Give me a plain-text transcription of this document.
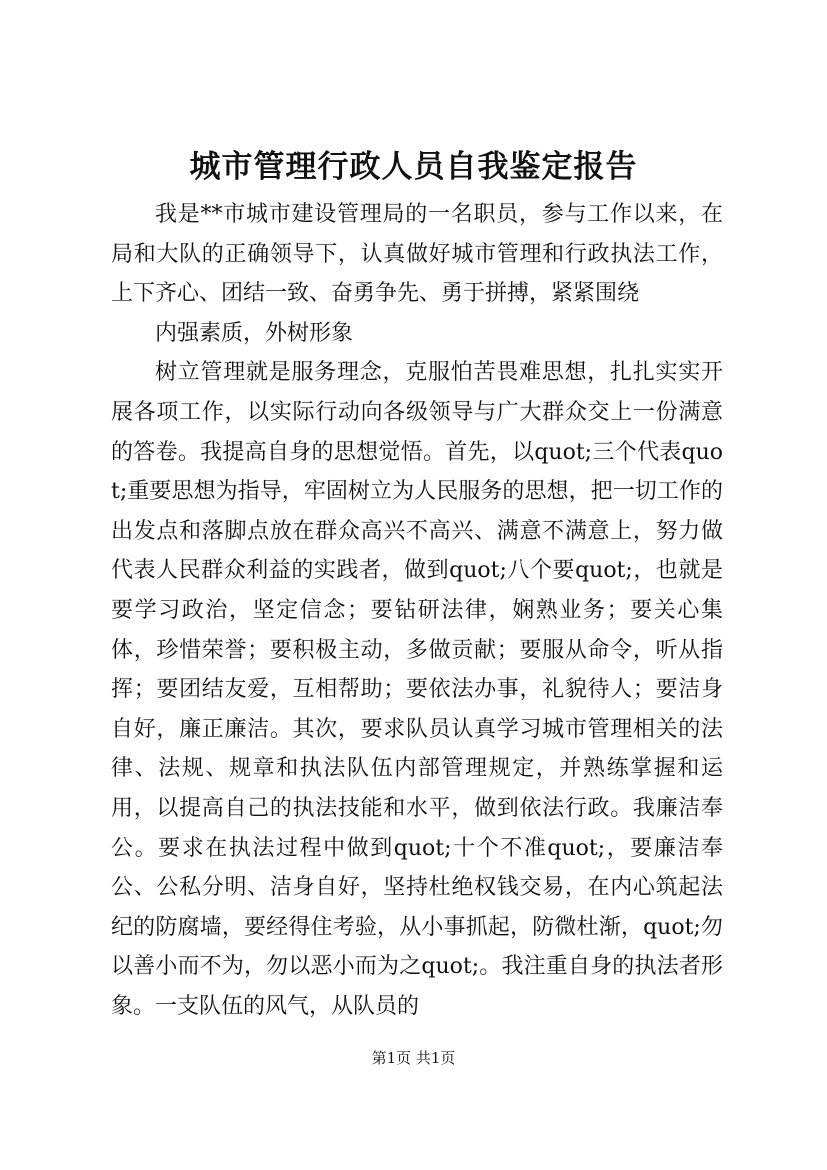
城市管理行政人员自我鉴定报告

我是**市城市建设管理局的一名职员，参与工作以来，在局和大队的正确领导下，认真做好城市管理和行政执法工作，上下齐心、团结一致、奋勇争先、勇于拼搏，紧紧围绕

内强素质，外树形象

树立管理就是服务理念，克服怕苦畏难思想，扎扎实实开展各项工作，以实际行动向各级领导与广大群众交上一份满意的答卷。我提高自身的思想觉悟。首先，以quot;三个代表quot;重要思想为指导，牢固树立为人民服务的思想，把一切工作的出发点和落脚点放在群众高兴不高兴、满意不满意上，努力做代表人民群众利益的实践者，做到quot;八个要quot;，也就是要学习政治，坚定信念；要钻研法律，娴熟业务；要关心集体，珍惜荣誉；要积极主动，多做贡献；要服从命令，听从指挥；要团结友爱，互相帮助；要依法办事，礼貌待人；要洁身自好，廉正廉洁。其次，要求队员认真学习城市管理相关的法律、法规、规章和执法队伍内部管理规定，并熟练掌握和运用，以提高自己的执法技能和水平，做到依法行政。我廉洁奉公。要求在执法过程中做到quot;十个不准quot;，要廉洁奉公、公私分明、洁身自好，坚持杜绝权钱交易，在内心筑起法纪的防腐墙，要经得住考验，从小事抓起，防微杜渐，quot;勿以善小而不为，勿以恶小而为之quot;。我注重自身的执法者形象。一支队伍的风气，从队员的

第1页 共1页
